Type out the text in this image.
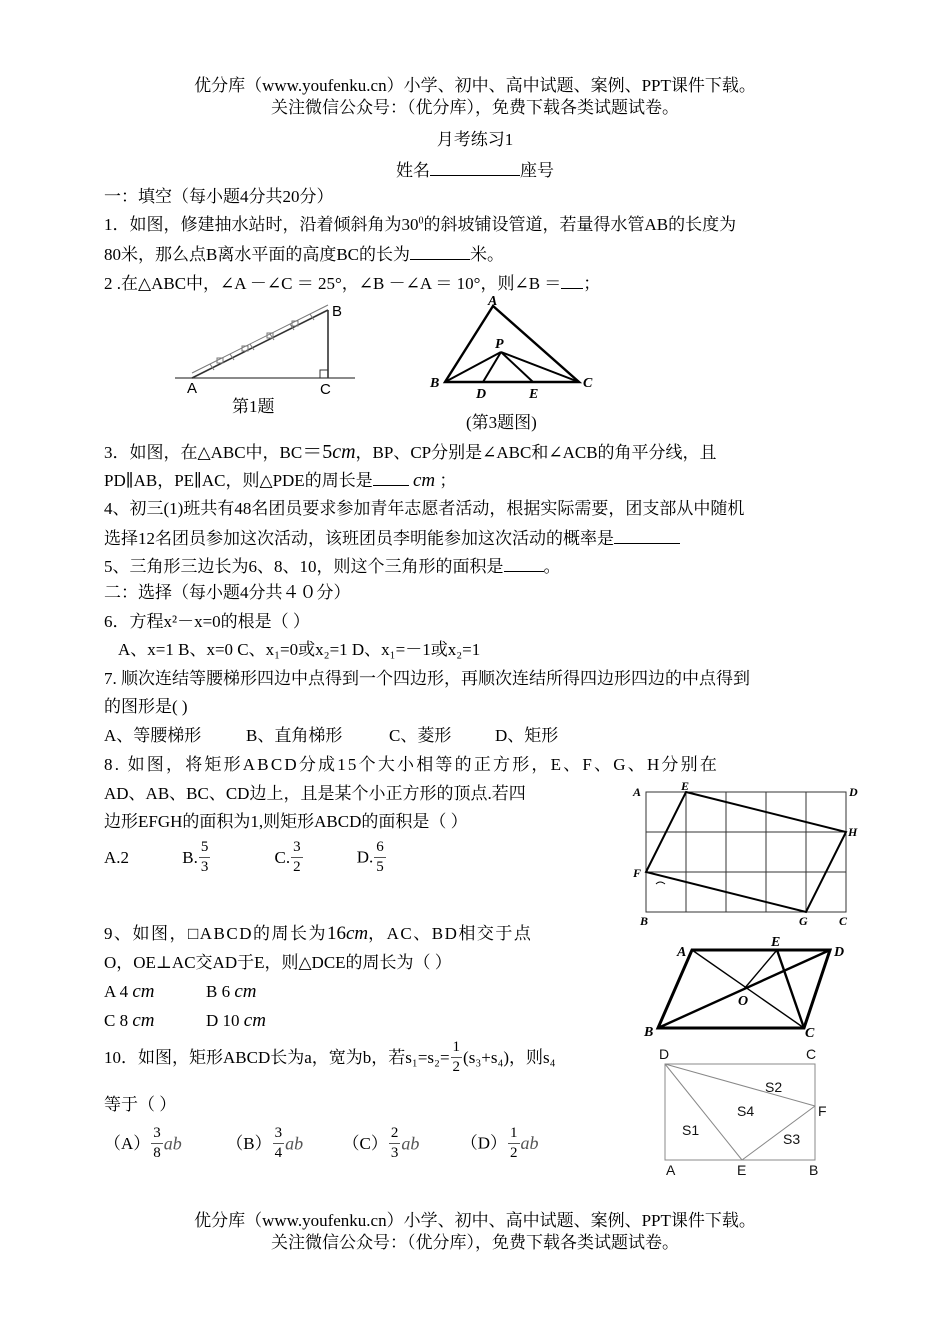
优分库（www.youfenku.cn）小学、初中、高中试题、案例、PPT课件下载。
关注微信公众号：（优分库），免费下载各类试题试卷。
月考练习1
姓名	座号
一：填空（每小题4分共20分）
1．如图，修建抽水站时，沿着倾斜角为$30^0$的斜坡铺设管道，若量得水管AB的长度为
80米，那么点B离水平面的高度BC的长为	米。
2 .在△ABC中，∠A －∠C ＝ 25°，∠B －∠A ＝ 10°，则∠B ＝ ；
A
B
C
第1题
A
B	C
P
D	E
(第3题图)
3．如图，在△ABC中，BC＝5cm，BP、CP分别是∠ABC和∠ACB的角平分线，且
PD∥AB，PE∥AC，则△PDE的周长是 cm ；
4、初三(1)班共有48名团员要求参加青年志愿者活动，根据实际需要，团支部从中随机
选择12名团员参加这次活动，该班团员李明能参加这次活动的概率是
5、三角形三边长为6、8、10，则这个三角形的面积是 。
二：选择（每小题4分共４０分）
6．方程x²－x=0的根是（ ）
A、x=1 B、x=0 C、x₁=0或x₂=1 D、x₁=－1或x₂=1
7. 顺次连结等腰梯形四边中点得到一个四边形，再顺次连结所得四边形四边的中点得到
的图形是( )
A、等腰梯形	B、直角梯形	C、菱形	D、矩形
8. 如图，将矩形ABCD分成15个大小相等的正方形，E、F、G、H分别在
AD、AB、BC、CD边上，且是某个小正方形的顶点.若四
边形EFGH的面积为1,则矩形ABCD的面积是（ ）
A.2	B. $\frac{5}{3}$	C. $\frac{3}{2}$	D. $\frac{6}{5}$
A	E	D
H
F
B	G	C
9、如图，□ABCD的周长为16cm，AC、BD相交于点
O，OE⊥AC交AD于E，则△DCE的周长为（ ）
A 4 cm	B 6 cm
C 8 cm	D 10 cm
A
E
D
O
B	C
10．如图，矩形ABCD长为a，宽为b，若$s_1=s_2= \frac{1}{2} (s_3+s_4)$，则s₄
等于（ ）
$(A) \frac{3}{8}$ ab	$(B) \frac{3}{4}$ ab $(C) \frac{2}{3}$ ab $(D) \frac{1}{2}$ ab
D	C
F
A	E	B
S2
S4
S1
S3
优分库（www.youfenku.cn）小学、初中、高中试题、案例、PPT课件下载。
关注微信公众号：（优分库），免费下载各类试题试卷。
